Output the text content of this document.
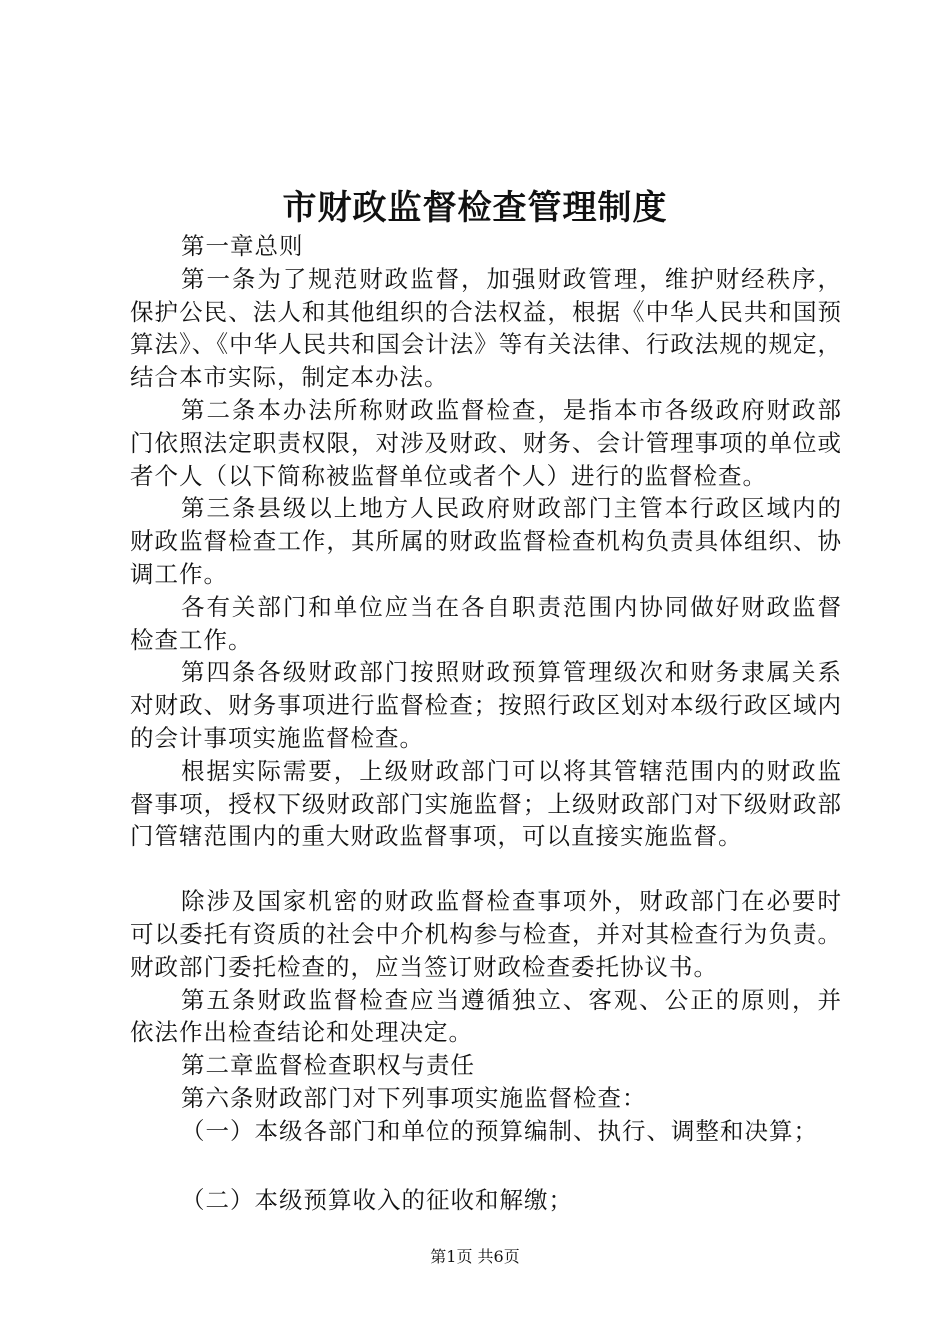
市财政监督检查管理制度

第一章总则

第一条为了规范财政监督，加强财政管理，维护财经秩序，保护公民、法人和其他组织的合法权益，根据《中华人民共和国预算法》、《中华人民共和国会计法》等有关法律、行政法规的规定，结合本市实际，制定本办法。

第二条本办法所称财政监督检查，是指本市各级政府财政部门依照法定职责权限，对涉及财政、财务、会计管理事项的单位或者个人（以下简称被监督单位或者个人）进行的监督检查。

第三条县级以上地方人民政府财政部门主管本行政区域内的财政监督检查工作，其所属的财政监督检查机构负责具体组织、协调工作。

各有关部门和单位应当在各自职责范围内协同做好财政监督检查工作。

第四条各级财政部门按照财政预算管理级次和财务隶属关系对财政、财务事项进行监督检查；按照行政区划对本级行政区域内的会计事项实施监督检查。

根据实际需要，上级财政部门可以将其管辖范围内的财政监督事项，授权下级财政部门实施监督；上级财政部门对下级财政部门管辖范围内的重大财政监督事项，可以直接实施监督。

除涉及国家机密的财政监督检查事项外，财政部门在必要时可以委托有资质的社会中介机构参与检查，并对其检查行为负责。财政部门委托检查的，应当签订财政检查委托协议书。

第五条财政监督检查应当遵循独立、客观、公正的原则，并依法作出检查结论和处理决定。

第二章监督检查职权与责任

第六条财政部门对下列事项实施监督检查：

（一）本级各部门和单位的预算编制、执行、调整和决算；

（二）本级预算收入的征收和解缴；

第1页 共6页
